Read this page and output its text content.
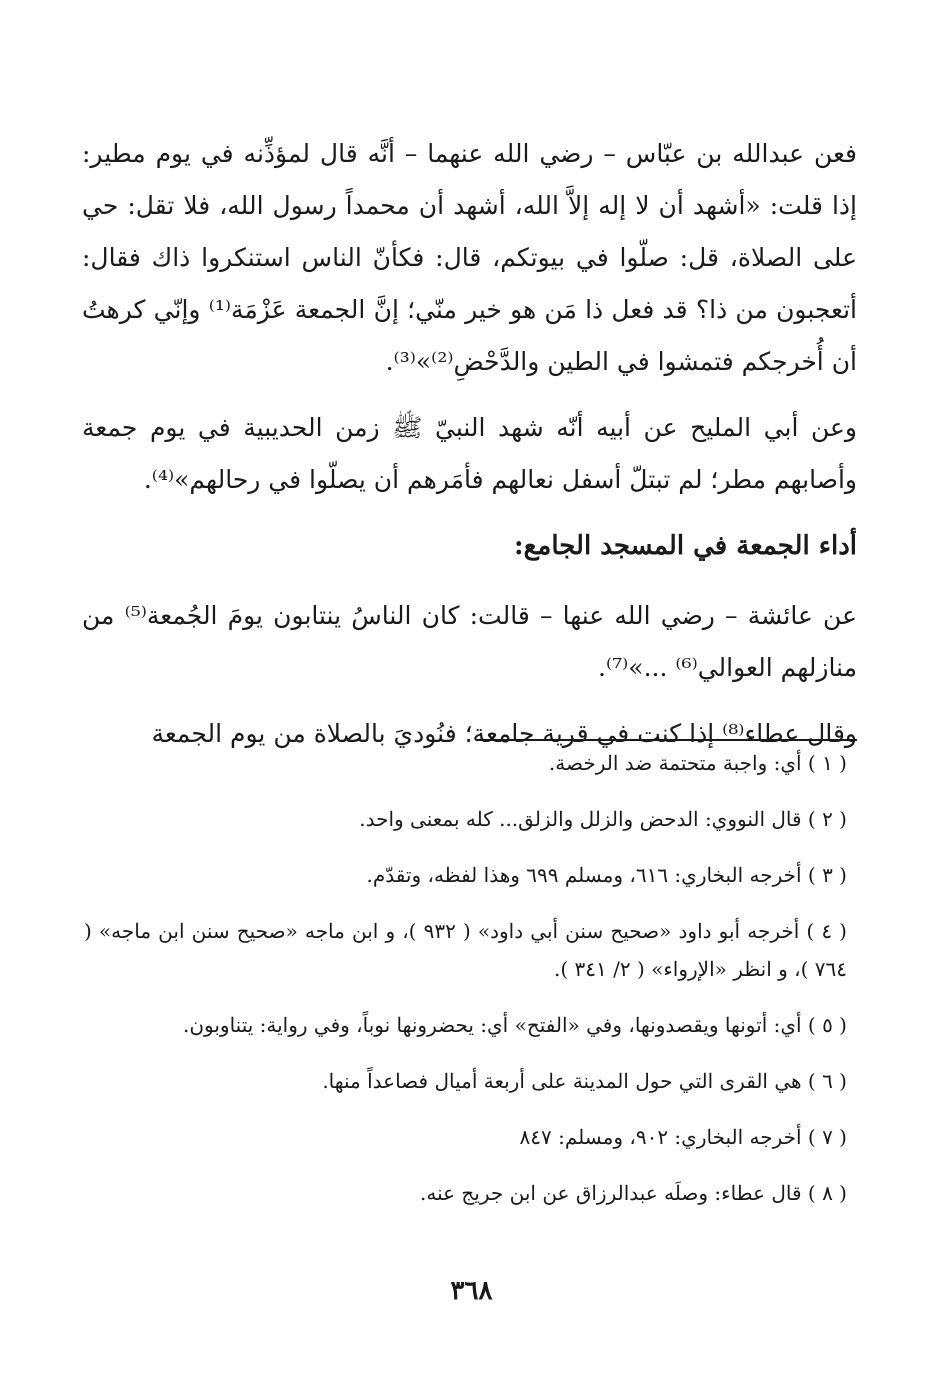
فعن عبدالله بن عبّاس – رضي الله عنهما – أنَّه قال لمؤذِّنه في يوم مطير: إذا قلت: «أشهد أن لا إله إلاَّ الله، أشهد أن محمداً رسول الله، فلا تقل: حي على الصلاة، قل: صلّوا في بيوتكم، قال: فكأنّ الناس استنكروا ذاك فقال: أتعجبون من ذا؟ قد فعل ذا مَن هو خير منّي؛ إنَّ الجمعة عَزْمَة⁽¹⁾ وإنّي كرهتُ أن أُخرجكم فتمشوا في الطين والدَّحْضِ⁽²⁾»⁽³⁾.

وعن أبي المليح عن أبيه أنّه شهد النبيّ ﷺ زمن الحديبية في يوم جمعة وأصابهم مطر؛ لم تبتلّ أسفل نعالهم فأمَرهم أن يصلّوا في رحالهم»⁽⁴⁾.

أداء الجمعة في المسجد الجامع:

عن عائشة – رضي الله عنها – قالت: كان الناسُ ينتابون يومَ الجُمعة⁽⁵⁾ من منازلهم العوالي⁽⁶⁾ ...»⁽⁷⁾.

وقال عطاء⁽⁸⁾ إذا كنت في قرية جامعة؛ فنُوديَ بالصلاة من يوم الجمعة

( ١ ) أي: واجبة متحتمة ضد الرخصة.

( ٢ ) قال النووي: الدحض والزلل والزلق... كله بمعنى واحد.

( ٣ ) أخرجه البخاري: ٦١٦، ومسلم ٦٩٩ وهذا لفظه، وتقدّم.

( ٤ ) أخرجه أبو داود «صحيح سنن أبي داود» ( ٩٣٢ )، و ابن ماجه «صحيح سنن ابن ماجه» ( ٧٦٤ )، و انظر «الإرواء» ( ٢/ ٣٤١ ).

( ٥ ) أي: أتونها ويقصدونها، وفي «الفتح» أي: يحضرونها نوباً، وفي رواية: يتناوبون.

( ٦ ) هي القرى التي حول المدينة على أربعة أميال فصاعداً منها.

( ٧ ) أخرجه البخاري: ٩٠٢، ومسلم: ٨٤٧

( ٨ ) قال عطاء: وصلَه عبدالرزاق عن ابن جريج عنه.

٣٦٨
